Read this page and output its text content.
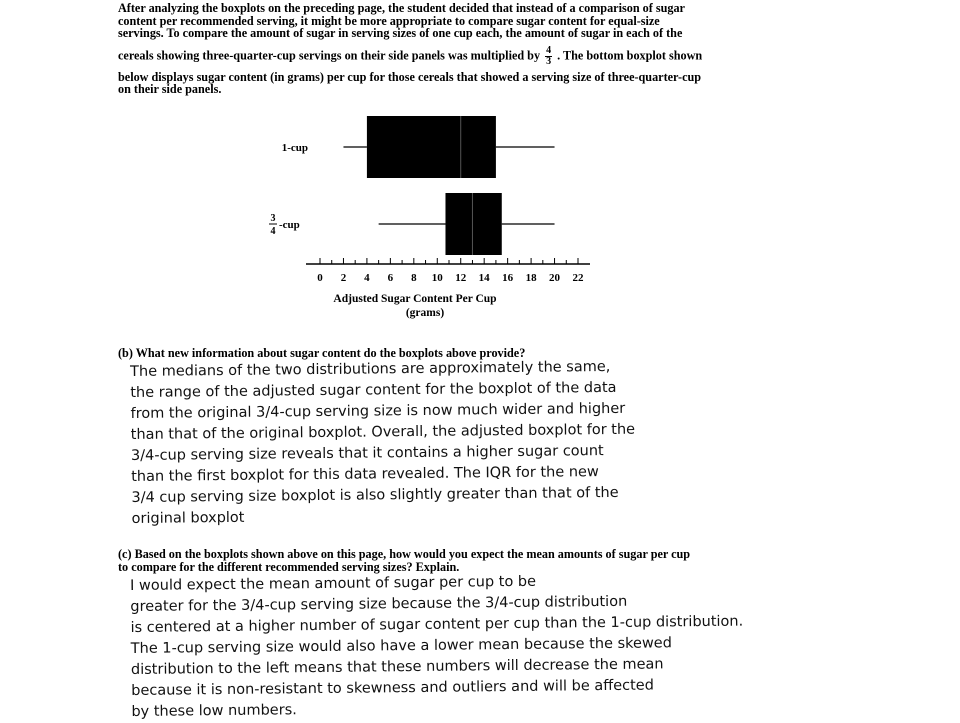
After analyzing the boxplots on the preceding page, the student decided that instead of a comparison of sugar
content per recommended serving, it might be more appropriate to compare sugar content for equal-size
servings. To compare the amount of sugar in serving sizes of one cup each, the amount of sugar in each of the
cereals showing three-quarter-cup servings on their side panels was multiplied by $\frac{4}{3}$ . The bottom boxplot shown
below displays sugar content (in grams) per cup for those cereals that showed a serving size of three-quarter-cup
on their side panels.
1-cup
3
4
-cup
0 2 4 6 8 10 12 14 16 18 20 22
Adjusted Sugar Content Per Cup
(grams)
(b) What new information about sugar content do the boxplots above provide?
The medians of the two distributions are approximately the same,
the range of the adjusted sugar content for the boxplot of the data
from the original 3/4-cup serving size is now much wider and higher
than that of the original boxplot. Overall, the adjusted boxplot for the
3/4-cup serving size reveals that it contains a higher sugar count
than the first boxplot for this data revealed. The IQR for the new
3/4 cup serving size boxplot is also slightly greater than that of the
original boxplot
(c) Based on the boxplots shown above on this page, how would you expect the mean amounts of sugar per cup
to compare for the different recommended serving sizes? Explain.
I would expect the mean amount of sugar per cup to be
greater for the 3/4-cup serving size because the 3/4-cup distribution
is centered at a higher number of sugar content per cup than the 1-cup distribution.
The 1-cup serving size would also have a lower mean because the skewed
distribution to the left means that these numbers will decrease the mean
because it is non-resistant to skewness and outliers and will be affected
by these low numbers.
